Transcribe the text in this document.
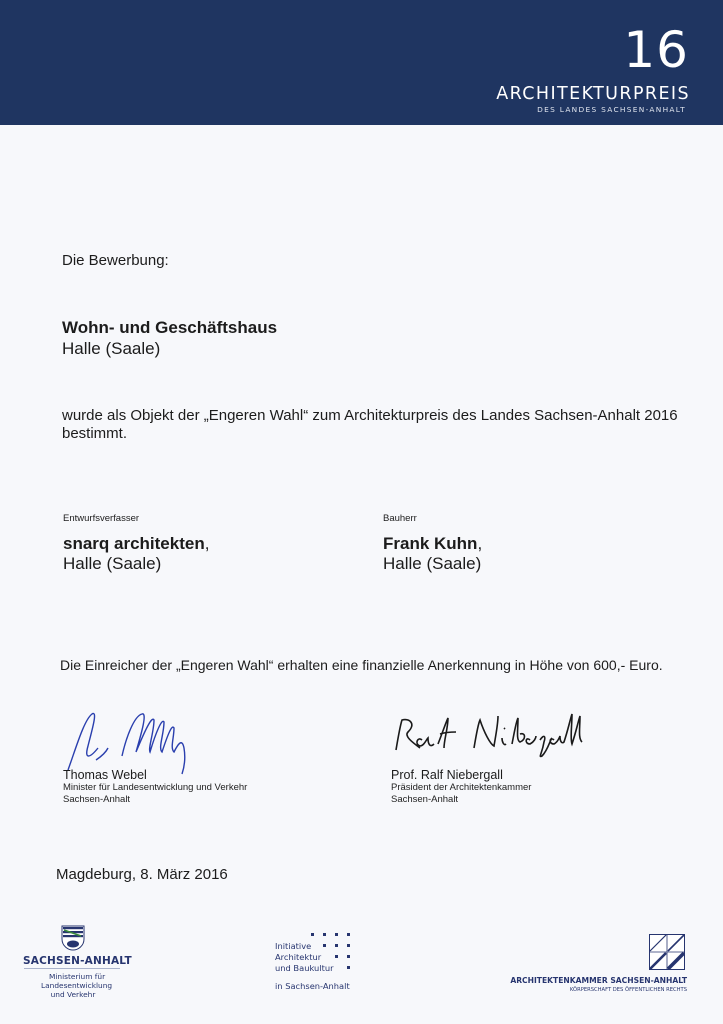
16
ARCHITEKTURPREIS
DES LANDES SACHSEN-ANHALT
Die Bewerbung:
Wohn- und Geschäftshaus
Halle (Saale)
wurde als Objekt der „Engeren Wahl“ zum Architekturpreis des Landes Sachsen-Anhalt 2016
bestimmt.
Entwurfsverfasser
snarq architekten,
Halle (Saale)
Bauherr
Frank Kuhn,
Halle (Saale)
Die Einreicher der „Engeren Wahl“ erhalten eine finanzielle Anerkennung in Höhe von 600,- Euro.
Thomas Webel
Minister für Landesentwicklung und Verkehr
Sachsen-Anhalt
Prof. Ralf Niebergall
Präsident der Architektenkammer
Sachsen-Anhalt
Magdeburg, 8. März 2016
SACHSEN-ANHALT
Ministerium für
Landesentwicklung
und Verkehr
Initiative
Architektur
und Baukultur
in Sachsen-Anhalt
ARCHITEKTENKAMMER SACHSEN-ANHALT
KÖRPERSCHAFT DES ÖFFENTLICHEN RECHTS
